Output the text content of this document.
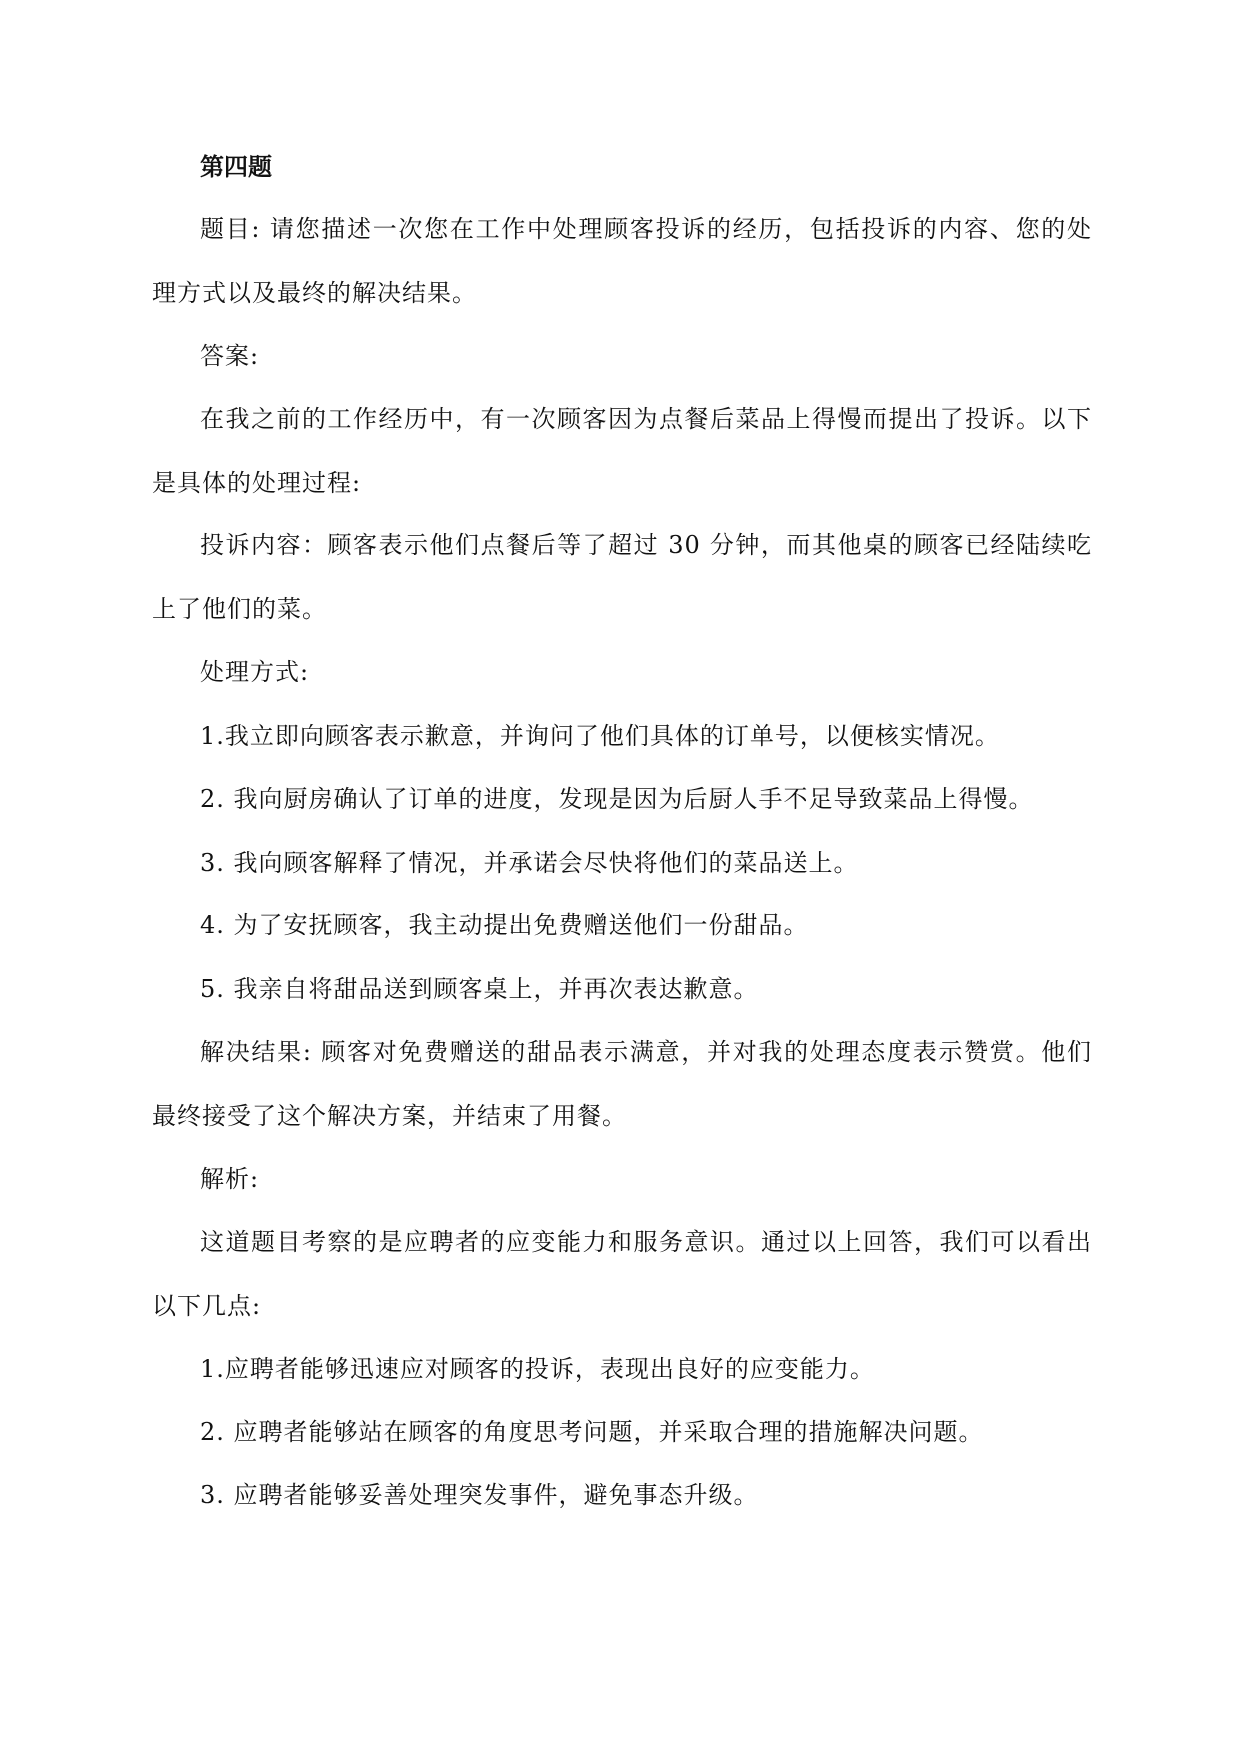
第四题
题目: 请您描述一次您在工作中处理顾客投诉的经历，包括投诉的内容、您的处理方式以及最终的解决结果。
答案:
在我之前的工作经历中，有一次顾客因为点餐后菜品上得慢而提出了投诉。以下是具体的处理过程:
投诉内容：顾客表示他们点餐后等了超过 30 分钟，而其他桌的顾客已经陆续吃上了他们的菜。
处理方式:
1.我立即向顾客表示歉意，并询问了他们具体的订单号，以便核实情况。
2. 我向厨房确认了订单的进度，发现是因为后厨人手不足导致菜品上得慢。
3. 我向顾客解释了情况，并承诺会尽快将他们的菜品送上。
4. 为了安抚顾客，我主动提出免费赠送他们一份甜品。
5. 我亲自将甜品送到顾客桌上，并再次表达歉意。
解决结果: 顾客对免费赠送的甜品表示满意，并对我的处理态度表示赞赏。他们最终接受了这个解决方案，并结束了用餐。
解析:
这道题目考察的是应聘者的应变能力和服务意识。通过以上回答，我们可以看出以下几点:
1.应聘者能够迅速应对顾客的投诉，表现出良好的应变能力。
2. 应聘者能够站在顾客的角度思考问题，并采取合理的措施解决问题。
3. 应聘者能够妥善处理突发事件，避免事态升级。
